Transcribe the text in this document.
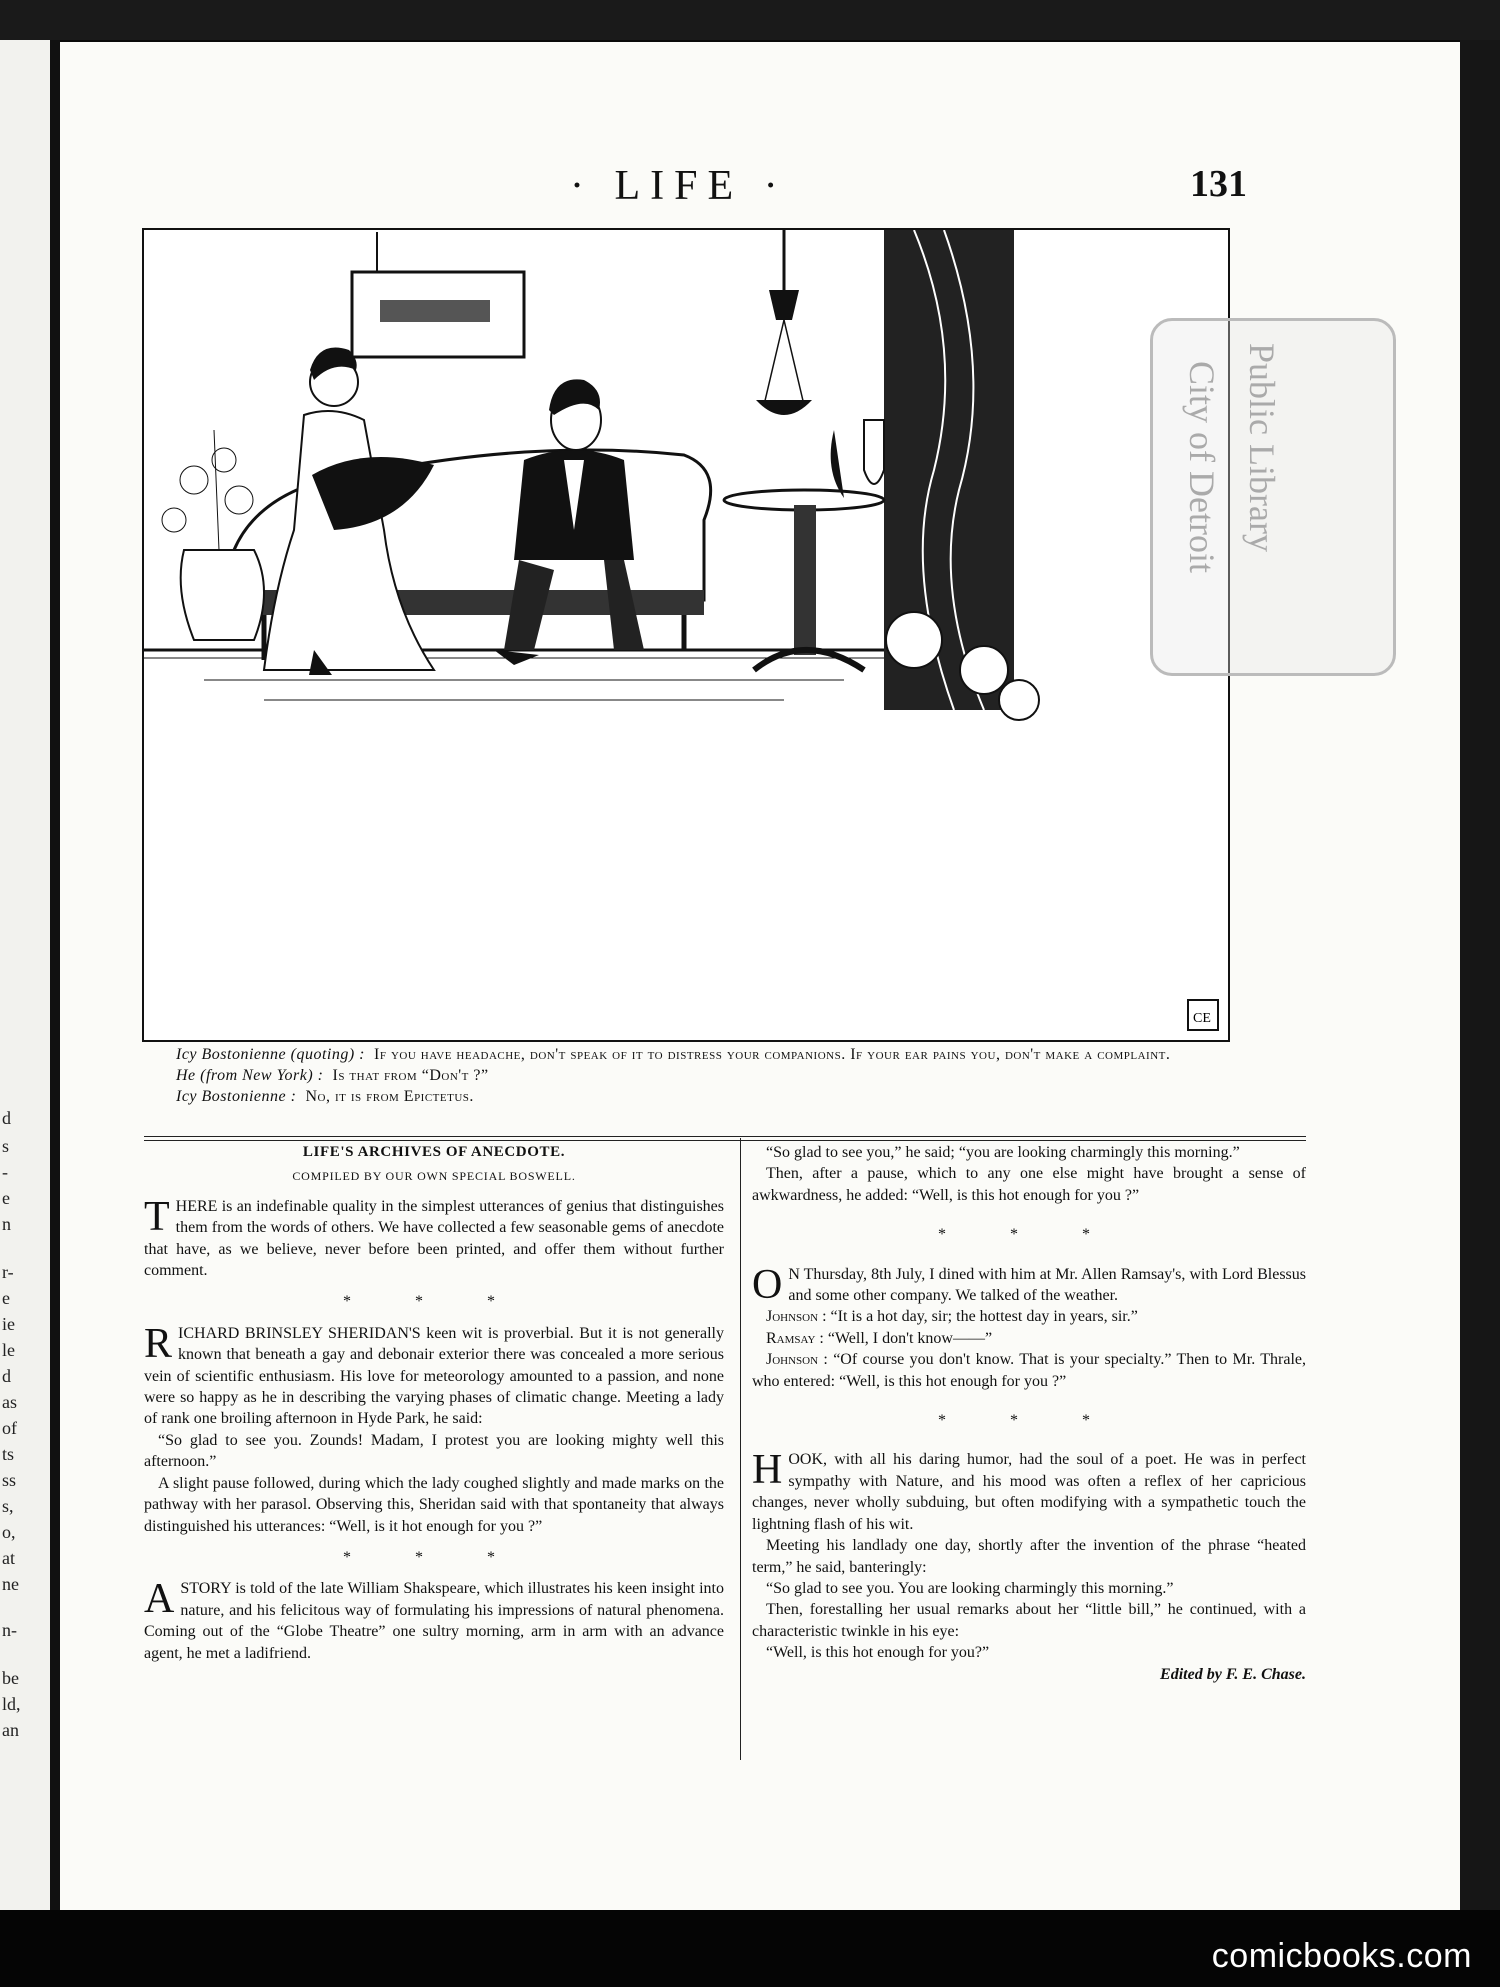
d
s
-
e
n
r-
e
ie
le
d
as
of
ts
ss
s,
o,
at
ne
n-
be
ld,
an
· LIFE ·	131
CE

Icy Bostonienne (quoting) : If you have headache, don't speak of it to distress your companions. If your ear pains you, don't make a complaint.

He (from New York) : Is that from “Don't ?”

Icy Bostonienne : No, it is from Epictetus.

LIFE'S ARCHIVES OF ANECDOTE.

COMPILED BY OUR OWN SPECIAL BOSWELL.

THERE is an indefinable quality in the simplest utterances of genius that distinguishes them from the words of others. We have collected a few seasonable gems of anecdote that have, as we believe, never before been printed, and offer them without further comment.

* * *

RICHARD BRINSLEY SHERIDAN'S keen wit is proverbial. But it is not generally known that beneath a gay and debonair exterior there was concealed a more serious vein of scientific enthusiasm. His love for meteorology amounted to a passion, and none were so happy as he in describing the varying phases of climatic change. Meeting a lady of rank one broiling afternoon in Hyde Park, he said:

“So glad to see you. Zounds! Madam, I protest you are looking mighty well this afternoon.”

A slight pause followed, during which the lady coughed slightly and made marks on the pathway with her parasol. Observing this, Sheridan said with that spontaneity that always distinguished his utterances: “Well, is it hot enough for you ?”

* * *

ASTORY is told of the late William Shakspeare, which illustrates his keen insight into nature, and his felicitous way of formulating his impressions of natural phenomena. Coming out of the “Globe Theatre” one sultry morning, arm in arm with an advance agent, he met a ladifriend.

“So glad to see you,” he said; “you are looking charmingly this morning.”

Then, after a pause, which to any one else might have brought a sense of awkwardness, he added: “Well, is this hot enough for you ?”

* * *

O N Thursday, 8th July, I dined with him at Mr. Allen Ramsay's, with Lord Blessus and some other company. We talked of the weather.

Johnson : “It is a hot day, sir; the hottest day in years, sir.”

Ramsay : “Well, I don't know——”

Johnson : “Of course you don't know. That is your specialty.” Then to Mr. Thrale, who entered: “Well, is this hot enough for you ?”

* * *

HOOK, with all his daring humor, had the soul of a poet. He was in perfect sympathy with Nature, and his mood was often a reflex of her capricious changes, never wholly subduing, but often modifying with a sympathetic touch the lightning flash of his wit.

Meeting his landlady one day, shortly after the invention of the phrase “heated term,” he said, banteringly:

“So glad to see you. You are looking charmingly this morning.”

Then, forestalling her usual remarks about her “little bill,” he continued, with a characteristic twinkle in his eye:

“Well, is this hot enough for you?”

Edited by F. E. Chase.

Public Library
City of Detroit
comicbooks.com
